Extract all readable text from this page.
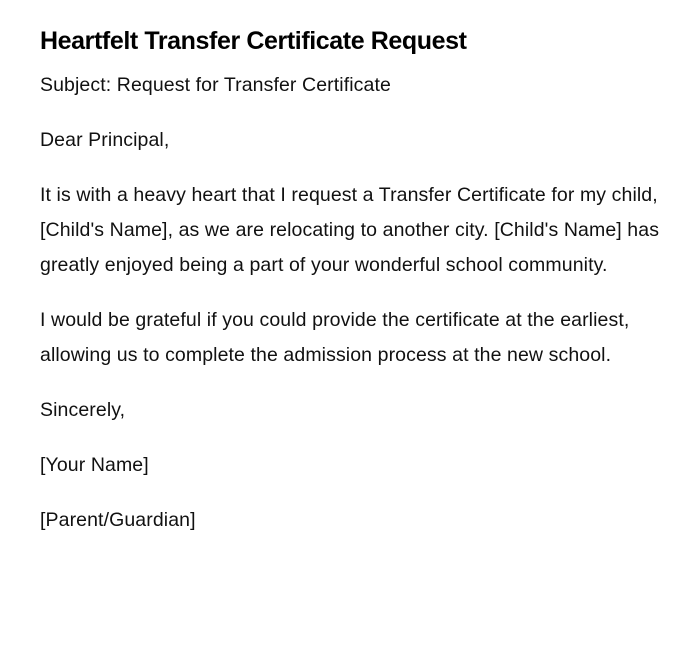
Heartfelt Transfer Certificate Request

Subject: Request for Transfer Certificate

Dear Principal,

It is with a heavy heart that I request a Transfer Certificate for my child, [Child's Name], as we are relocating to another city. [Child's Name] has greatly enjoyed being a part of your wonderful school community.

I would be grateful if you could provide the certificate at the earliest, allowing us to complete the admission process at the new school.

Sincerely,

[Your Name]

[Parent/Guardian]
